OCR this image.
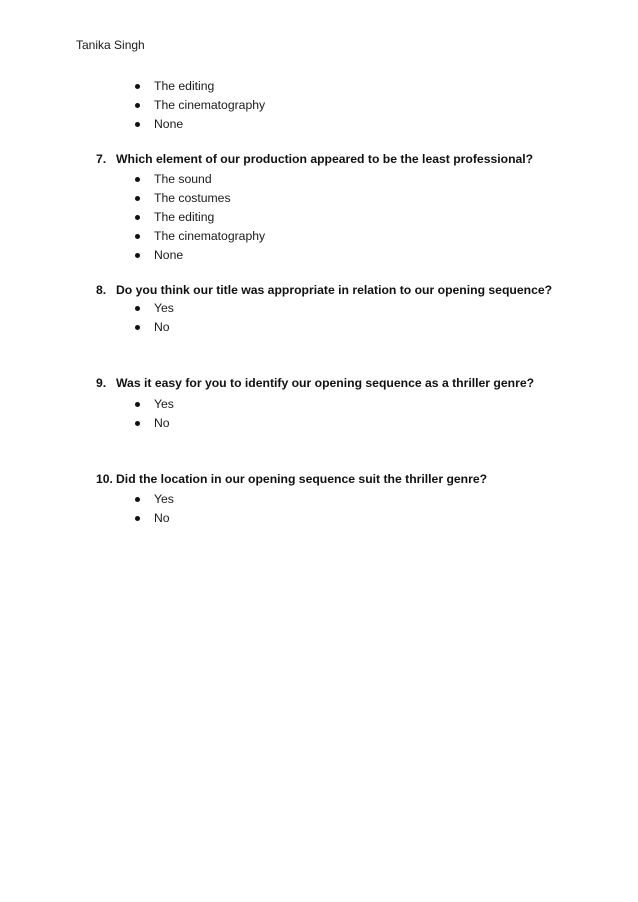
Tanika Singh
The editing
The cinematography
None
7. Which element of our production appeared to be the least professional?
The sound
The costumes
The editing
The cinematography
None
8. Do you think our title was appropriate in relation to our opening sequence?
Yes
No
9. Was it easy for you to identify our opening sequence as a thriller genre?
Yes
No
10. Did the location in our opening sequence suit the thriller genre?
Yes
No
